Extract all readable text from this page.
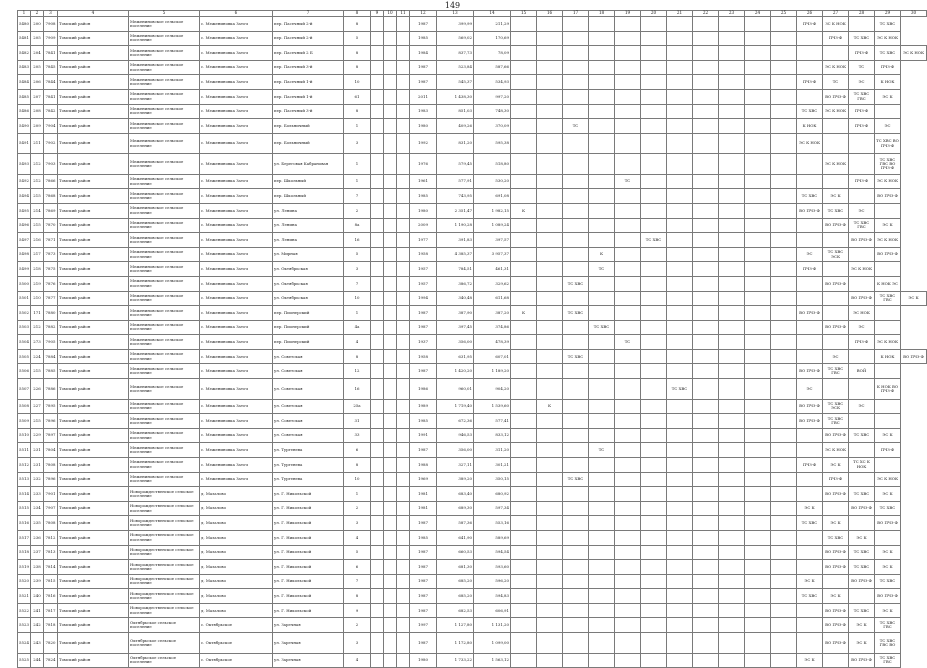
149
1	2	3	4	5	6	7	8	9	10	11	12	13	14	15	16	17	18	19	20	21	22	23	24	25	26	27	28	29	30
5480	200	7908	Томский район	Межениновское сельское поселение	с. Межениновка Заточ	пер. Пасечный 2-й	8				1987	399,99	211,29												ПЧЗ-Ф	ЗС К НОК		ТС ХВС	
5481	205	7909	Томский район	Межениновское сельское поселение	с. Межениновка Заточ	пер. Пасечный 2-й	5				1985	569,02	170,69													ПЧЗ-Ф	ТС ХВС	ЭС К НОК	
5482	204	7841	Томский район	Межениновское сельское поселение	с. Межениновка Заточ	пер. Пасечный 2 Б	8				1984	837,73	78,09														ПЧЗ-Ф	ТС ХВС	ЭС К НОК
5483	205	7845	Томский район	Межениновское сельское поселение	с. Межениновка Заточ	пер. Пасечный 3-й	8				1987	523,84	587,66													ЭС К НОК	ТС	ПЧЗ-Ф	
5484	206	7844	Томский район	Межениновское сельское поселение	с. Межениновка Заточ	пер. Пасечный 1-й	10				1987	545,37	534,93												ПЧЗ-Ф	ТС	ЭС	К НОК	
5485	207	7841	Томский район	Межениновское сельское поселение	с. Межениновка Заточ	пер. Пасечный 1-й	61				2011	1 438,30	997,20													ВО ПЧЗ-Ф	ТС ХВС ГВС	ЭС К	
5486	208	7842	Томский район	Межениновское сельское поселение	с. Межениновка Заточ	пер. Пасечный 3-й	8				1983	851,03	748,30												ТС ХВС	ЭС К НОК	ПЧЗ-Ф		
5490	209	7904	Томский район	Межениновское сельское поселение	с. Межениновка Заточ	пер. Больничный	1				1980	409,26	370,09			ТС									К НОК		ПЧЗ-Ф	ЭС	
5491	211	7902	Томский район	Межениновское сельское поселение	с. Межениновка Заточ	пер. Больничный	3				1992	831,20	595,38												ЭС К НОК			ТС ХВС ВО ПЧЗ-Ф	
5493	212	7903	Томский район	Межениновское сельское поселение	с. Межениновка Заточ	ул. Береговая Кабрановая	1				1976	579,45	518,80													ЭС К НОК		ТС ХВС ГВС ВО ПЧЗ-Ф	
5492	212	7866	Томский район	Межениновское сельское поселение	с. Межениновка Заточ	пер. Школьный	1				1961	577,91	530,20					ТС									ПЧЗ-Ф	ЭС К НОК	
5494	215	7868	Томский район	Межениновское сельское поселение	с. Межениновка Заточ	пер. Школьный	7				1985	743,95	691,08												ТС ХВС	ЭС К		ВО ПЧЗ-Ф	
5495	214	7869	Томский район	Межениновское сельское поселение	с. Межениновка Заточ	ул. Ленина	2				1980	2 351,47	1 982,15	К											ВО ПЧЗ-Ф	ТС ХВС	ЭС		
5496	215	7870	Томский район	Межениновское сельское поселение	с. Межениновка Заточ	ул. Ленина	8а				2009	1 190,28	1 089,24													ВО ПЧЗ-Ф	ТС ХВС ГВС	ЭС К	
5497	216	7871	Томский район	Межениновское сельское поселение	с. Межениновка Заточ	ул. Ленина	16				1977	391,83	397,57						ТС ХВС								ВО ПЧЗ-Ф	ЭС К НОК	
5498	217	7873	Томский район	Межениновское сельское поселение	с. Межениновка Заточ	ул. Мирная	5				1958	4 385,37	3 957,37				К								ЭС	ТС ХВС ЭСК		ВО ПЧЗ-Ф	
5499	218	7875	Томский район	Межениновское сельское поселение	с. Межениновка Заточ	ул. Октябрьская	3				1957	784,51	461,31				ТС								ПЧЗ-Ф		ЭС К НОК		
5500	219	7876	Томский район	Межениновское сельское поселение	с. Межениновка Заточ	ул. Октябрьская	7				1957	386,72	329,62			ТС ХВС										ВО ПЧЗ-Ф		К НОК ЭС	
5501	210	7877	Томский район	Межениновское сельское поселение	с. Межениновка Заточ	ул. Октябрьская	10				1994	340,48	611,68														ВО ПЧЗ-Ф	ТС ХВС ГВС	ЭС К
5502	171	7880	Томский район	Межениновское сельское поселение	с. Межениновка Заточ	пер. Пионерский	1				1987	387,90	387,20	К		ТС ХВС									ВО ПЧЗ-Ф		ЭС НОК		
5503	212	7882	Томский район	Межениновское сельское поселение	с. Межениновка Заточ	пер. Пионерский	4а				1987	397,45	374,86				ТС ХВС									ВО ПЧЗ-Ф	ЭС		
5504	273	7905	Томский район	Межениновское сельское поселение	с. Межениновка Заточ	пер. Пионерский	4				1937	356,00	478,39					ТС									ПЧЗ-Ф	ЭС К НОК	
5505	224	7884	Томский район	Межениновское сельское поселение	с. Межениновка Заточ	ул. Советская	8				1958	631,95	607,01			ТС ХВС										ЭС		К НОК	ВО ПЧЗ-Ф
5506	215	7885	Томский район	Межениновское сельское поселение	с. Межениновка Заточ	ул. Советская	12				1987	1 420,20	1 189,20												ВО ПЧЗ-Ф	ТС ХВС ГВС	ВОЙ		
5507	226	7886	Томский район	Межениновское сельское поселение	с. Межениновка Заточ	ул. Советская	16				1986	960,01	904,20							ТС ХВС					ЭС			К НОК ВО ПЧЗ-Ф	
5508	227	7895	Томский район	Межениновское сельское поселение	с. Межениновка Заточ	ул. Советская	25а				1989	1 719,40	1 539,60		К										ВО ПЧЗ-Ф	ТС ХВС ЭСК	ЭС		
5509	215	7896	Томский район	Межениновское сельское поселение	с. Межениновка Заточ	ул. Советская	31				1985	672,36	577,41												ВО ПЧЗ-Ф	ТС ХВС ГВС			
5510	229	7897	Томский район	Межениновское сельское поселение	с. Межениновка Заточ	ул. Советская	33				1991	946,53	833,12													ВО ПЧЗ-Ф	ТС ХВС	ЭС К	
5511	231	7804	Томский район	Межениновское сельское поселение	с. Межениновка Заточ	ул. Тургенева	6				1987	356,00	311,20				ТС									ЭС К НОК		ПЧЗ-Ф	
5512	231	7808	Томский район	Межениновское сельское поселение	с. Межениновка Заточ	ул. Тургенева	8				1988	327,11	301,21												ПЧЗ-Ф	ЭС К	ТС ХС К НОК		
5513	232	7896	Томский район	Межениновское сельское поселение	с. Межениновка Заточ	ул. Тургенева	10				1969	389,20	350,15			ТС ХВС										ПЧЗ-Ф		ЭС К НОК	
5514	233	7901	Томский район	Новорождественское сельское поселение	д. Мазалово	ул. Г. Никольской	1				1981	683,40	680,92													ВО ПЧЗ-Ф	ТС ХВС	ЭС К	
5515	234	7907	Томский район	Новорождественское сельское поселение	д. Мазалово	ул. Г. Никольской	2				1981	689,30	597,34												ЭС К		ВО ПЧЗ-Ф	ТС ХВС	
5516	235	7808	Томский район	Новорождественское сельское поселение	д. Мазалово	ул. Г. Никольской	3				1987	587,36	553,16												ТС ХВС	ЭС К		ВО ПЧЗ-Ф	
5517	236	7812	Томский район	Новорождественское сельское поселение	д. Мазалово	ул. Г. Никольской	4				1985	641,90	589,69													ТС ХВС	ЭС К		
5518	237	7813	Томский район	Новорождественское сельское поселение	д. Мазалово	ул. Г. Никольской	5				1987	660,53	594,54													ВО ПЧЗ-Ф	ТС ХВС	ЭС К	
5519	238	7814	Томский район	Новорождественское сельское поселение	д. Мазалово	ул. Г. Никольской	6				1987	681,30	593,60													ВО ПЧЗ-Ф	ТС ХВС	ЭС К	
5520	239	7815	Томский район	Новорождественское сельское поселение	д. Мазалово	ул. Г. Никольской	7				1987	685,20	596,20												ЭС К		ВО ПЧЗ-Ф	ТС ХВС	
5521	240	7816	Томский район	Новорождественское сельское поселение	д. Мазалово	ул. Г. Никольской	8				1987	685,20	594,83												ТС ХВС	ЭС К		ВО ПЧЗ-Ф	
5522	241	7817	Томский район	Новорождественское сельское поселение	д. Мазалово	ул. Г. Никольской	9				1987	682,53	606,91													ВО ПЧЗ-Ф	ТС ХВС	ЭС К	
5523	242	7818	Томский район	Октябрьское сельское поселение	с. Октябрьское	ул. Заречная	2				1997	1 127,80	1 131,20													ВО ПЧЗ-Ф	ЭС К	ТС ХВС ГВС	
5524	243	7820	Томский район	Октябрьское сельское поселение	с. Октябрьское	ул. Заречная	3				1987	1 172,80	1 099,00													ВО ПЧЗ-Ф	ЭС К	ТС ХВС ГВС ВО	
5525	244	7824	Томский район	Октябрьское сельское поселение	с. Октябрьское	ул. Заречная	4				1980	1 733,22	1 563,12												ЭС К		ВО ПЧЗ-Ф	ТС ХВС ГВС	
